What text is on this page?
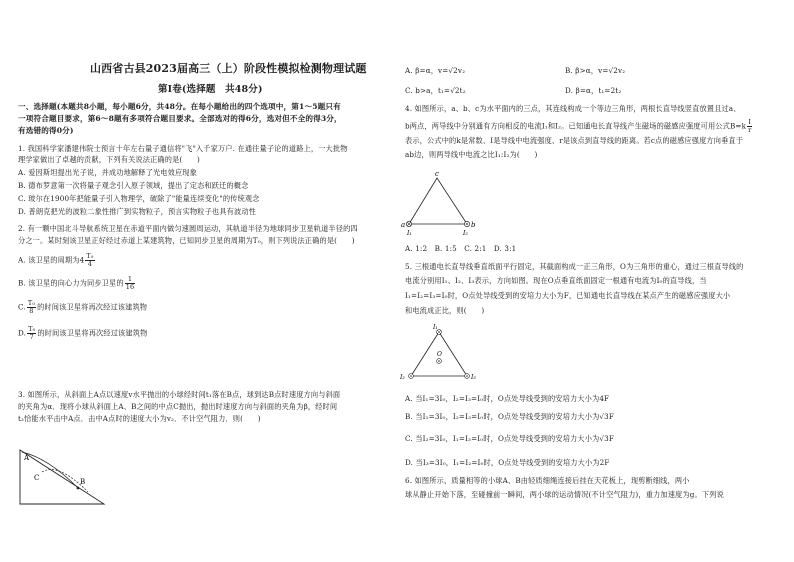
山西省古县2023届高三（上）阶段性模拟检测物理试题
第Ⅰ卷(选择题　共48分)
一、选择题(本题共8小题，每小题6分，共48分。在每小题给出的四个选项中，第1～5题只有
一项符合题目要求，第6～8题有多项符合题目要求。全部选对的得6分，选对但不全的得3分，
有选错的得0分)
1. 我国科学家潘建伟院士预言十年左右量子通信将"飞"入千家万户. 在通往量子论的道路上，一大批物
理学家做出了卓越的贡献，下列有关说法正确的是(　　)
A. 爱因斯坦提出光子说，并成功地解释了光电效应现象
B. 德布罗意第一次将量子观念引入原子领域，提出了定态和跃迁的概念
C. 玻尔在1900年把能量子引入物理学，破除了"能量连续变化"的传统观念
D. 普朗克把光的波粒二象性推广到实物粒子，预言实物粒子也具有波动性
2. 有一颗中国北斗导航系统卫星在赤道平面内做匀速圆周运动，其轨道半径为地球同步卫星轨道半径的四
分之一。某时刻该卫星正好经过赤道上某建筑物，已知同步卫星的周期为T₀，则下列说法正确的是(　　)
A. 该卫星的周期为$4 \frac{\text{T₀}}{4}$
B. 该卫星的向心力为同步卫星的 $\frac{1}{16}$
C. $\frac{\text{T₀}}{8}$ 的时间该卫星将再次经过该建筑物
D. $\frac{\text{T₀}}{7}$ 的时间该卫星将再次经过该建筑物
3. 如图所示，从斜面上A点以速度v水平抛出的小球经时间t₁落在B点，球到达B点时速度方向与斜面
的夹角为α．现将小球从斜面上A、B之间的中点C抛出，抛出时速度方向与斜面的夹角为β，经时间
t₂恰能水平击中A点．击中A点时的速度大小为v₂．不计空气阻力．则(　　)
A
B
C
A. β=α，v=√2v₂	B. β>α，v=√2v₂
C. b>a，t₁=√2t₂	D. β=α，t₁=2t₂
4. 如图所示，a、b、c为水平面内的三点，其连线构成一个等边三角形，两根长直导线竖直放置且过a、
b两点，两导线中分别通有方向相反的电流I₁和I₂。已知通电长直导线产生磁场的磁感应强度可用公式$B=k \frac{I}{r}$
表示，公式中的k是常数、I是导线中电流强度、r是该点到直导线的距离。若c点的磁感应强度方向垂直于
ab边，则两导线中电流之比I₁:I₂为(　　)
c
a	b
I₁	I₂
A. 1:2　B. 1:5　C. 2:1　D. 3:1
5. 三根通电长直导线垂直纸面平行固定，其截面构成一正三角形，O为三角形的重心，通过三根直导线的
电流分别用I₁、I₂、I₃表示，方向如图。现在O点垂直纸面固定一根通有电流为I₀的直导线，当
I₁=I₂=I₃=I₀时，O点处导线受到的安培力大小为F，已知通电长直导线在某点产生的磁感应强度大小
和电流成正比，则(　　)
I₁
I₂	I₃
O
A. 当I₁=3I₀，I₂=I₃=I₀时，O点处导线受到的安培力大小为4F
B. 当I₁=3I₀，I₂=I₃=I₀时，O点处导线受到的安培力大小为√3F
C. 当I₂=3I₀，I₁=I₃=I₀时，O点处导线受到的安培力大小为√3F
D. 当I₃=3I₀，I₁=I₂=I₀时，O点处导线受到的安培力大小为2F
6. 如图所示，质量相等的小球A、B由轻质细绳连接后挂在天花板上，现剪断细线，两小
球从静止开始下落，至碰撞前一瞬间，两小球的运动情况(不计空气阻力)，重力加速度为g。下列说
